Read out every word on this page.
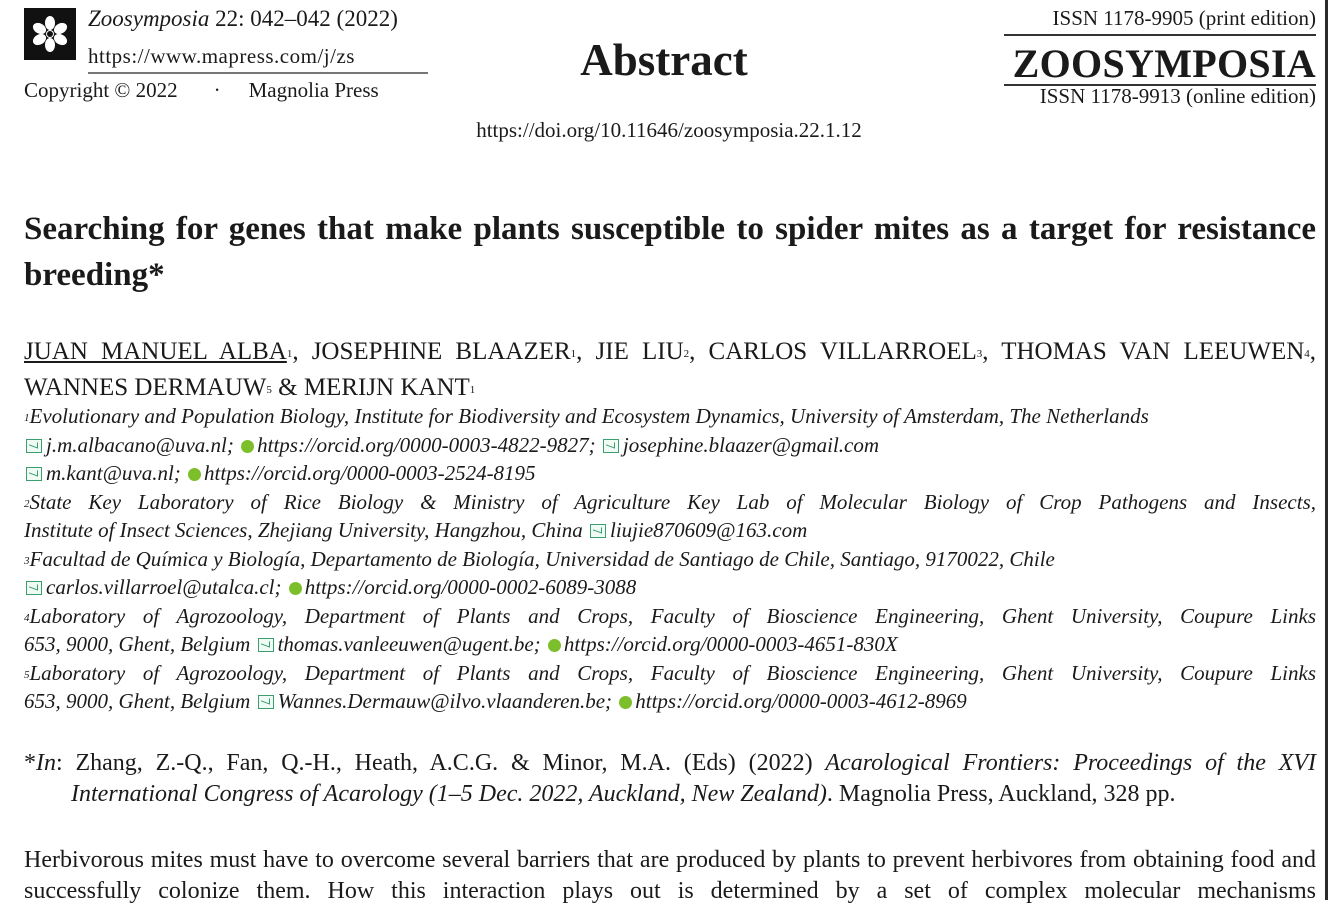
Zoosymposia 22: 042–042 (2022)
https://www.mapress.com/j/zs
Copyright © 2022 · Magnolia Press
Abstract
https://doi.org/10.11646/zoosymposia.22.1.12
ISSN 1178-9905 (print edition)
ZOOSYMPOSIA
ISSN 1178-9913 (online edition)
Searching for genes that make plants susceptible to spider mites as a target for resistance breeding*
JUAN MANUEL ALBA$^1$, JOSEPHINE BLAAZER$^1$, JIE LIU$^2$, CARLOS VILLARROEL$^3$, THOMAS VAN LEEUWEN$^4$, WANNES DERMAUW$^5$ & MERIJN KANT$^1$
$^1$Evolutionary and Population Biology, Institute for Biodiversity and Ecosystem Dynamics, University of Amsterdam, The Netherlands
j.m.albacano@uva.nl; https://orcid.org/0000-0003-4822-9827; josephine.blaazer@gmail.com
m.kant@uva.nl; https://orcid.org/0000-0003-2524-8195
$^2$State Key Laboratory of Rice Biology & Ministry of Agriculture Key Lab of Molecular Biology of Crop Pathogens and Insects,
Institute of Insect Sciences, Zhejiang University, Hangzhou, China liujie870609@163.com
$^3$Facultad de Química y Biología, Departamento de Biología, Universidad de Santiago de Chile, Santiago, 9170022, Chile
carlos.villarroel@utalca.cl; https://orcid.org/0000-0002-6089-3088
$^4$Laboratory of Agrozoology, Department of Plants and Crops, Faculty of Bioscience Engineering, Ghent University, Coupure Links
653, 9000, Ghent, Belgium thomas.vanleeuwen@ugent.be; https://orcid.org/0000-0003-4651-830X
$^5$Laboratory of Agrozoology, Department of Plants and Crops, Faculty of Bioscience Engineering, Ghent University, Coupure Links
653, 9000, Ghent, Belgium Wannes.Dermauw@ilvo.vlaanderen.be; https://orcid.org/0000-0003-4612-8969
*In: Zhang, Z.-Q., Fan, Q.-H., Heath, A.C.G. & Minor, M.A. (Eds) (2022) Acarological Frontiers: Proceedings of the XVI
International Congress of Acarology (1–5 Dec. 2022, Auckland, New Zealand). Magnolia Press, Auckland, 328 pp.
Herbivorous mites must have to overcome several barriers that are produced by plants to prevent herbivores from obtaining food and successfully colonize them. How this interaction plays out is determined by a set of complex molecular mechanisms
